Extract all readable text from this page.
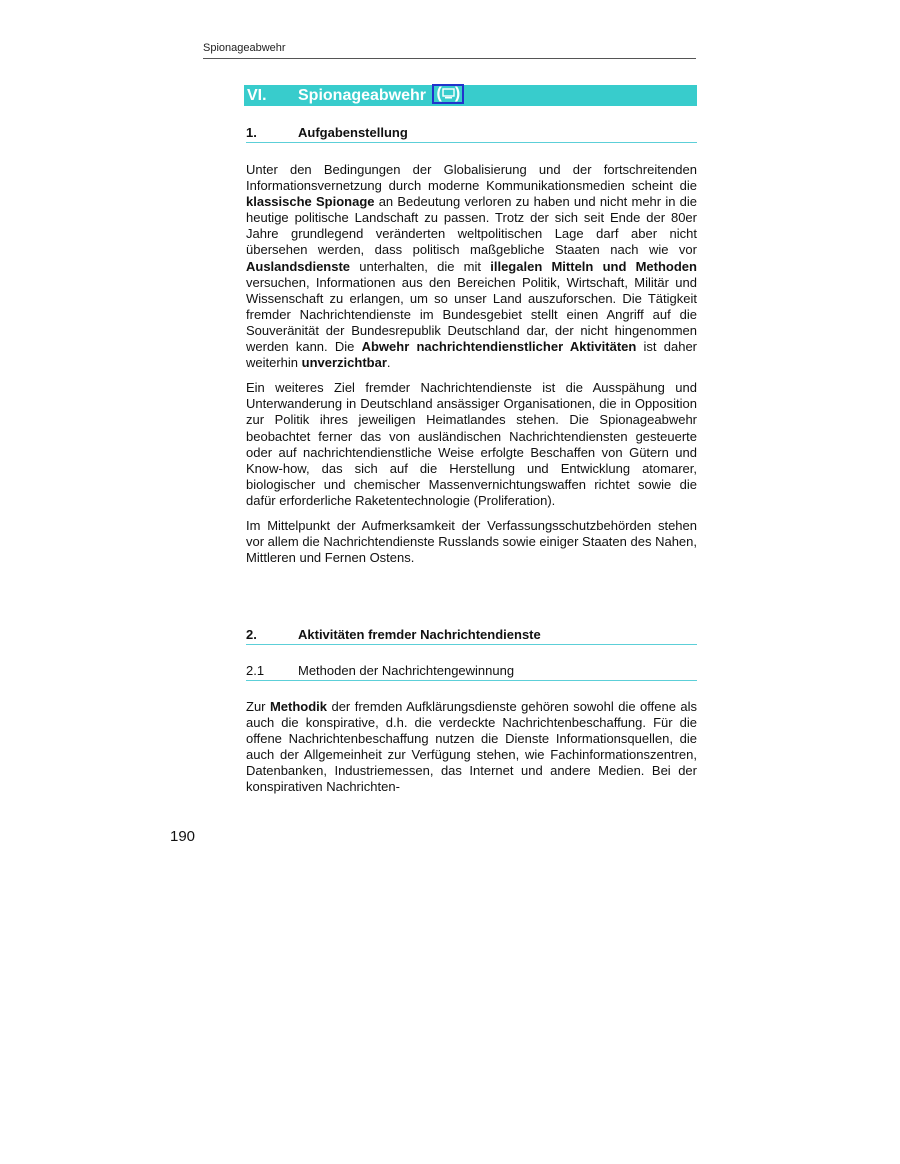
Spionageabwehr
VI. Spionageabwehr ( )
1.	Aufgabenstellung

Unter den Bedingungen der Globalisierung und der fortschreitenden Informationsvernetzung durch moderne Kommunikationsmedien scheint die klassische Spionage an Bedeutung verloren zu haben und nicht mehr in die heutige politische Landschaft zu passen. Trotz der sich seit Ende der 80er Jahre grundlegend veränderten weltpolitischen Lage darf aber nicht übersehen werden, dass politisch maßgebliche Staaten nach wie vor Auslandsdienste unterhalten, die mit illegalen Mitteln und Methoden versuchen, Informationen aus den Bereichen Politik, Wirtschaft, Militär und Wissenschaft zu erlangen, um so unser Land auszuforschen. Die Tätigkeit fremder Nachrichtendienste im Bundesgebiet stellt einen Angriff auf die Souveränität der Bundesrepublik Deutschland dar, der nicht hingenommen werden kann. Die Abwehr nachrichtendienstlicher Aktivitäten ist daher weiterhin unverzichtbar.

Ein weiteres Ziel fremder Nachrichtendienste ist die Ausspähung und Unterwanderung in Deutschland ansässiger Organisationen, die in Opposition zur Politik ihres jeweiligen Heimatlandes stehen. Die Spionageabwehr beobachtet ferner das von ausländischen Nachrichtendiensten gesteuerte oder auf nachrichtendienstliche Weise erfolgte Beschaffen von Gütern und Know-how, das sich auf die Herstellung und Entwicklung atomarer, biologischer und chemischer Massenvernichtungswaffen richtet sowie die dafür erforderliche Raketentechnologie (Proliferation).

Im Mittelpunkt der Aufmerksamkeit der Verfassungsschutzbehörden stehen vor allem die Nachrichtendienste Russlands sowie einiger Staaten des Nahen, Mittleren und Fernen Ostens.

2.	Aktivitäten fremder Nachrichtendienste
2.1	Methoden der Nachrichtengewinnung

Zur Methodik der fremden Aufklärungsdienste gehören sowohl die offene als auch die konspirative, d.h. die verdeckte Nachrichtenbeschaffung. Für die offene Nachrichtenbeschaffung nutzen die Dienste Informationsquellen, die auch der Allgemeinheit zur Verfügung stehen, wie Fachinformationszentren, Datenbanken, Industriemessen, das Internet und andere Medien. Bei der konspirativen Nachrichten-

190
